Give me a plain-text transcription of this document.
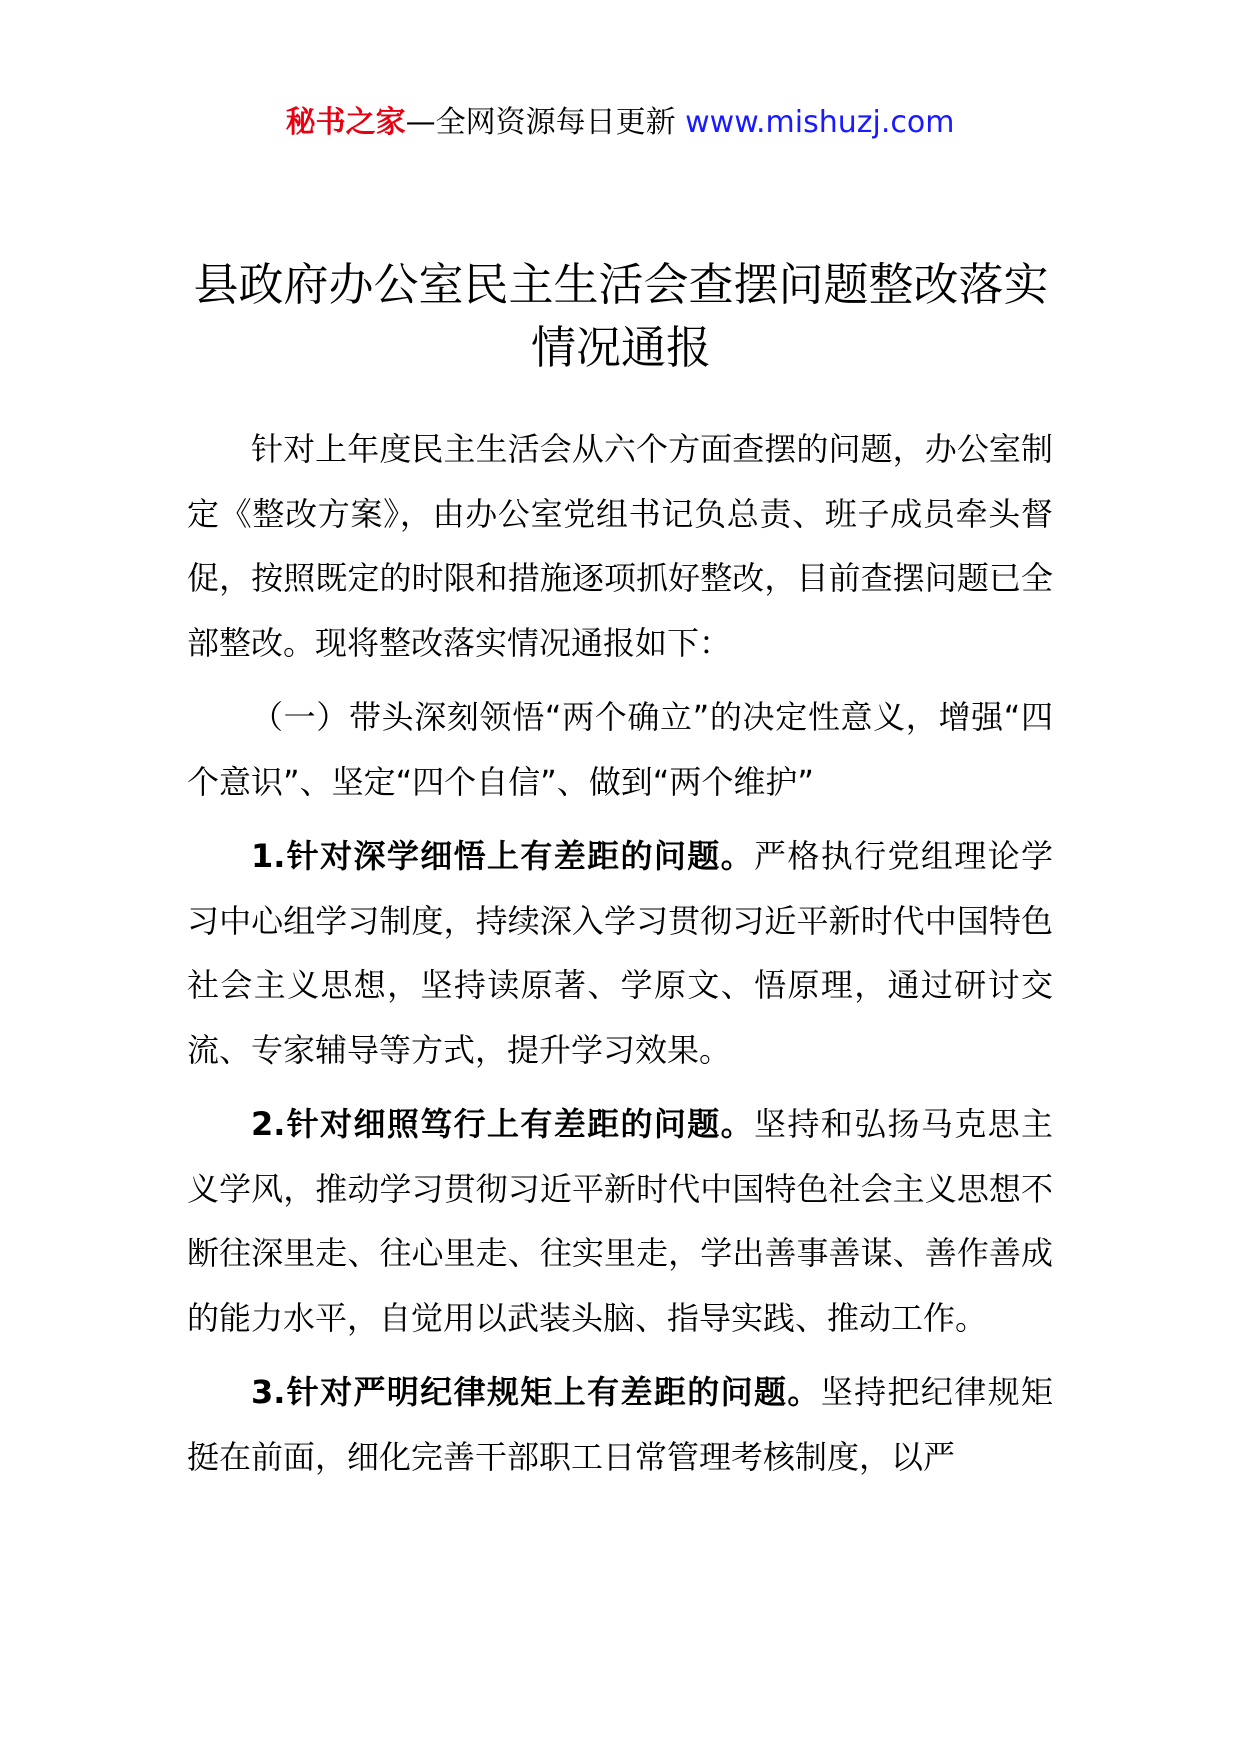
秘书之家—全网资源每日更新 www.mishuzj.com
县政府办公室民主生活会查摆问题整改落实情况通报

针对上年度民主生活会从六个方面查摆的问题，办公室制定《整改方案》，由办公室党组书记负总责、班子成员牵头督促，按照既定的时限和措施逐项抓好整改，目前查摆问题已全部整改。现将整改落实情况通报如下：

（一）带头深刻领悟“两个确立”的决定性意义，增强“四个意识”、坚定“四个自信”、做到“两个维护”

1.针对深学细悟上有差距的问题。严格执行党组理论学习中心组学习制度，持续深入学习贯彻习近平新时代中国特色社会主义思想，坚持读原著、学原文、悟原理，通过研讨交流、专家辅导等方式，提升学习效果。

2.针对细照笃行上有差距的问题。坚持和弘扬马克思主义学风，推动学习贯彻习近平新时代中国特色社会主义思想不断往深里走、往心里走、往实里走，学出善事善谋、善作善成的能力水平，自觉用以武装头脑、指导实践、推动工作。

3.针对严明纪律规矩上有差距的问题。坚持把纪律规矩挺在前面，细化完善干部职工日常管理考核制度，以严
